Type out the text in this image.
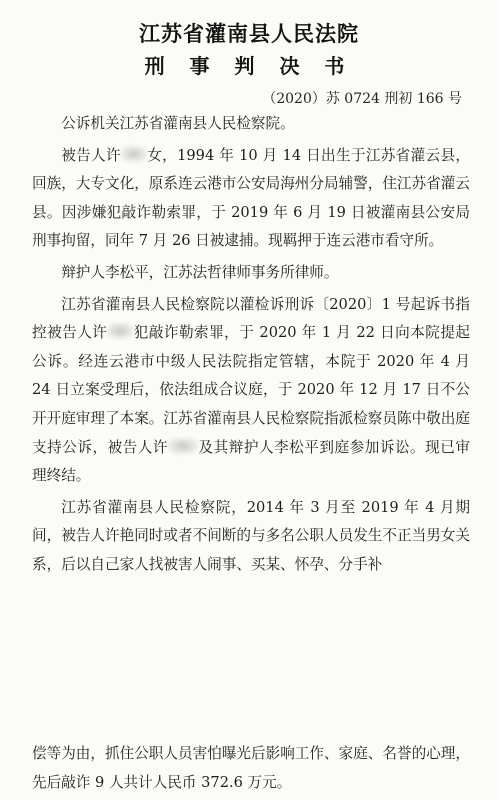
江苏省灌南县人民法院
刑 事 判 决 书
（2020）苏 0724 刑初 166 号

公诉机关江苏省灌南县人民检察院。

被告人许 女，1994 年 10 月 14 日出生于江苏省灌云县，回族，大专文化，原系连云港市公安局海州分局辅警，住江苏省灌云县。因涉嫌犯敲诈勒索罪，于 2019 年 6 月 19 日被灌南县公安局刑事拘留，同年 7 月 26 日被逮捕。现羁押于连云港市看守所。

辩护人李松平，江苏法哲律师事务所律师。

江苏省灌南县人民检察院以灌检诉刑诉〔2020〕1 号起诉书指控被告人许 犯敲诈勒索罪，于 2020 年 1 月 22 日向本院提起公诉。经连云港市中级人民法院指定管辖，本院于 2020 年 4 月 24 日立案受理后，依法组成合议庭，于 2020 年 12 月 17 日不公开开庭审理了本案。江苏省灌南县人民检察院指派检察员陈中敬出庭支持公诉，被告人许 及其辩护人李松平到庭参加诉讼。现已审理终结。

江苏省灌南县人民检察院，2014 年 3 月至 2019 年 4 月期间，被告人许艳同时或者不间断的与多名公职人员发生不正当男女关系，后以自己家人找被害人闹事、买某、怀孕、分手补

偿等为由，抓住公职人员害怕曝光后影响工作、家庭、名誉的心理，先后敲诈 9 人共计人民币 372.6 万元。
